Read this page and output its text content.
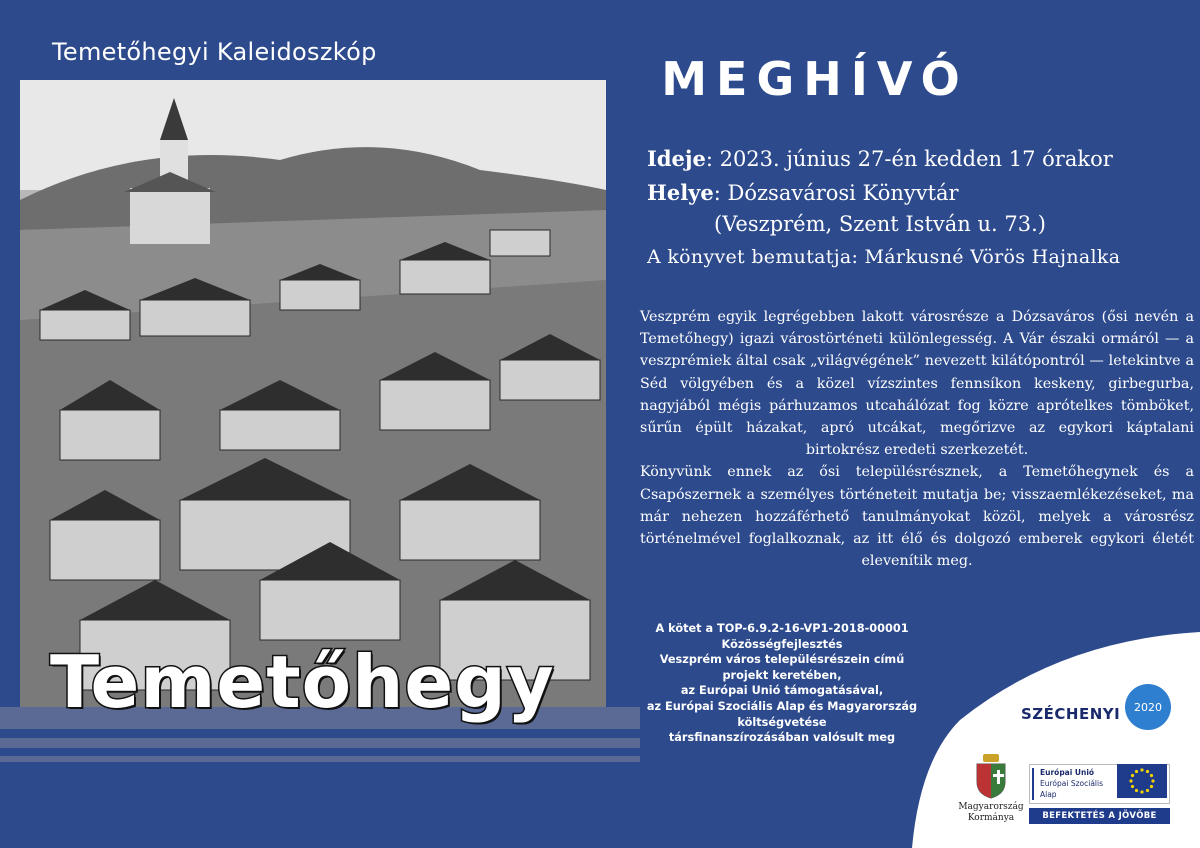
Temetőhegyi Kaleidoszkóp
Temetőhegy
MEGHÍVÓ
Ideje: 2023. június 27-én kedden 17 órakor
Helye: Dózsavárosi Könyvtár
(Veszprém, Szent István u. 73.)
A könyvet bemutatja: Márkusné Vörös Hajnalka

Veszprém egyik legrégebben lakott városrésze a Dózsaváros (ősi nevén a Temetőhegy) igazi várostörténeti különlegesség. A Vár északi ormáról — a veszprémiek által csak „világvégének” nevezett kilátópontról — letekintve a Séd völgyében és a közel vízszintes fennsíkon keskeny, girbegurba, nagyjából mégis párhuzamos utcahálózat fog közre aprótelkes tömböket, sűrűn épült házakat, apró utcákat, megőrizve az egykori káptalani birtokrész eredeti szerkezetét.

Könyvünk ennek az ősi településrésznek, a Temetőhegynek és a Csapószernek a személyes történeteit mutatja be; visszaemlékezéseket, ma már nehezen hozzáférhető tanulmányokat közöl, melyek a városrész történelmével foglalkoznak, az itt élő és dolgozó emberek egykori életét elevenítik meg.

A kötet a TOP-6.9.2-16-VP1-2018-00001
Közösségfejlesztés
Veszprém város településrészein című
projekt keretében,
az Európai Unió támogatásával,
az Európai Szociális Alap és Magyarország
költségvetése
társfinanszírozásában valósult meg
SZÉCHENYI	2020
Magyarország
Kormánya
Európai Unió
Európai Szociális
Alap
BEFEKTETÉS A JÖVŐBE
